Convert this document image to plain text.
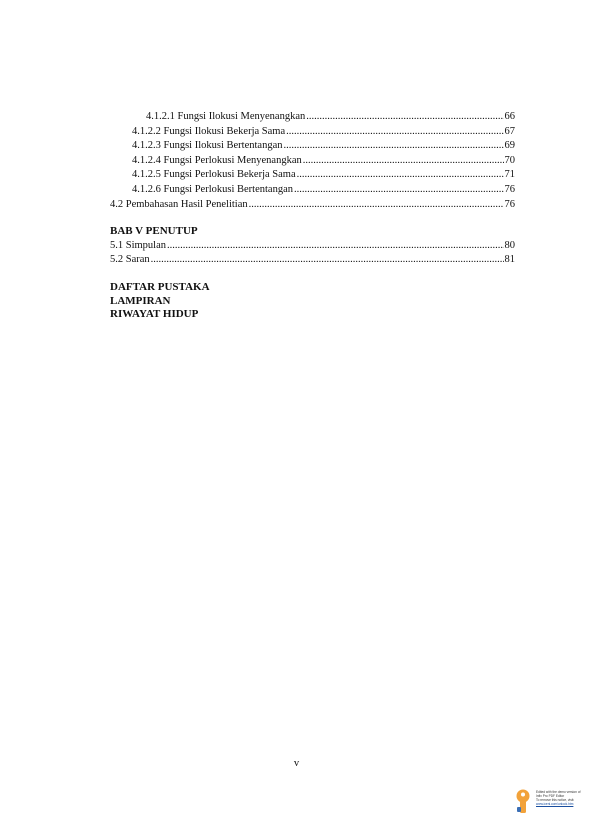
4.1.2.1 Fungsi Ilokusi Menyenangkan .....	66
4.1.2.2 Fungsi Ilokusi Bekerja Sama .....	67
4.1.2.3 Fungsi Ilokusi Bertentangan .....	69
4.1.2.4 Fungsi Perlokusi Menyenangkan .....	70
4.1.2.5 Fungsi Perlokusi Bekerja Sama .....	71
4.1.2.6 Fungsi Perlokusi Bertentangan .....	76
4.2 Pembahasan Hasil Penelitian .....	76
BAB V PENUTUP
5.1 Simpulan .....	80
5.2 Saran .....	81
DAFTAR PUSTAKA
LAMPIRAN
RIWAYAT HIDUP
v
Edited with the demo version of
Infix Pro PDF Editor
To remove this notice, visit:
www.iceni.com/unlock.htm
